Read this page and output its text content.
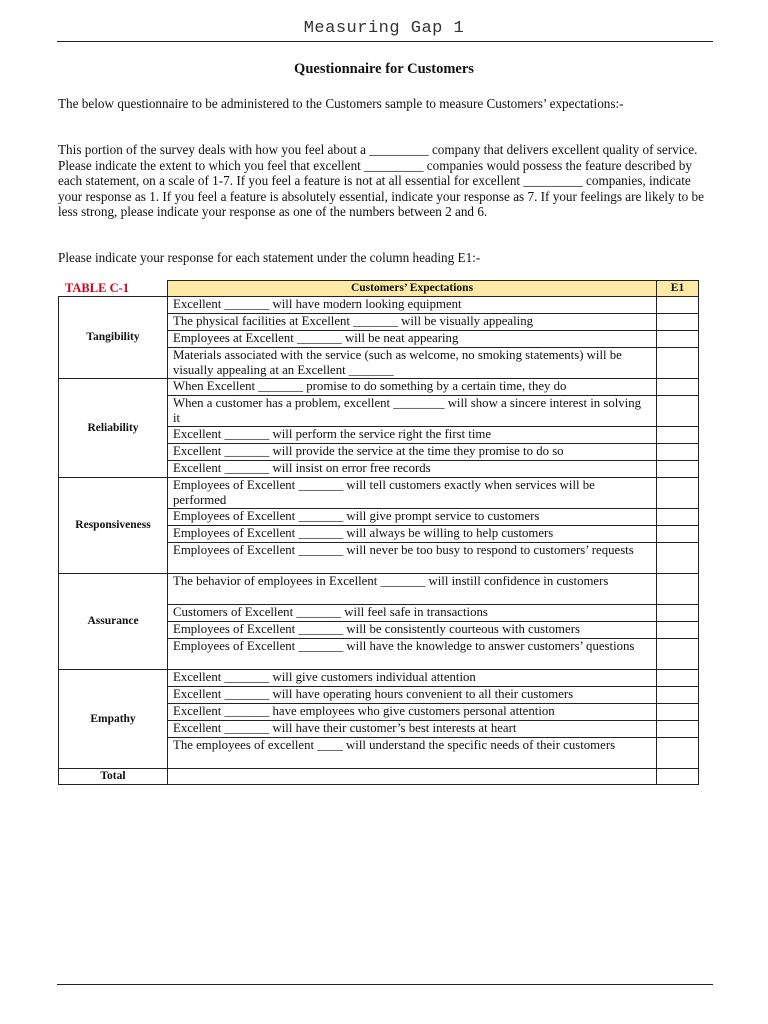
Measuring Gap 1
Questionnaire for Customers

The below questionnaire to be administered to the Customers sample to measure Customers’ expectations:-

This portion of the survey deals with how you feel about a _________ company that delivers excellent quality of service. Please indicate the extent to which you feel that excellent _________ companies would possess the feature described by each statement, on a scale of 1-7. If you feel a feature is not at all essential for excellent _________ companies, indicate your response as 1. If you feel a feature is absolutely essential, indicate your response as 7. If your feelings are likely to be less strong, please indicate your response as one of the numbers between 2 and 6.

Please indicate your response for each statement under the column heading E1:-

	Customers’ Expectations	E1
Tangibility	Excellent _______ will have modern looking equipment	
	The physical facilities at Excellent _______ will be visually appealing	
	Employees at Excellent _______ will be neat appearing	
	Materials associated with the service (such as welcome, no smoking statements) will be visually appealing at an Excellent _______	
Reliability	When Excellent _______ promise to do something by a certain time, they do	
	When a customer has a problem, excellent ________ will show a sincere interest in solving it	
	Excellent _______ will perform the service right the first time	
	Excellent _______ will provide the service at the time they promise to do so	
	Excellent _______ will insist on error free records	
Responsiveness	Employees of Excellent _______ will tell customers exactly when services will be performed	
	Employees of Excellent _______ will give prompt service to customers	
	Employees of Excellent _______ will always be willing to help customers	
	Employees of Excellent _______ will never be too busy to respond to customers’ requests	
Assurance	The behavior of employees in Excellent _______ will instill confidence in customers	
	Customers of Excellent _______ will feel safe in transactions	
	Employees of Excellent _______ will be consistently courteous with customers	
	Employees of Excellent _______ will have the knowledge to answer customers’ questions	
Empathy	Excellent _______ will give customers individual attention	
	Excellent _______ will have operating hours convenient to all their customers	
	Excellent _______ have employees who give customers personal attention	
	Excellent _______ will have their customer’s best interests at heart	
	The employees of excellent ____ will understand the specific needs of their customers	
Total		
TABLE C-1
